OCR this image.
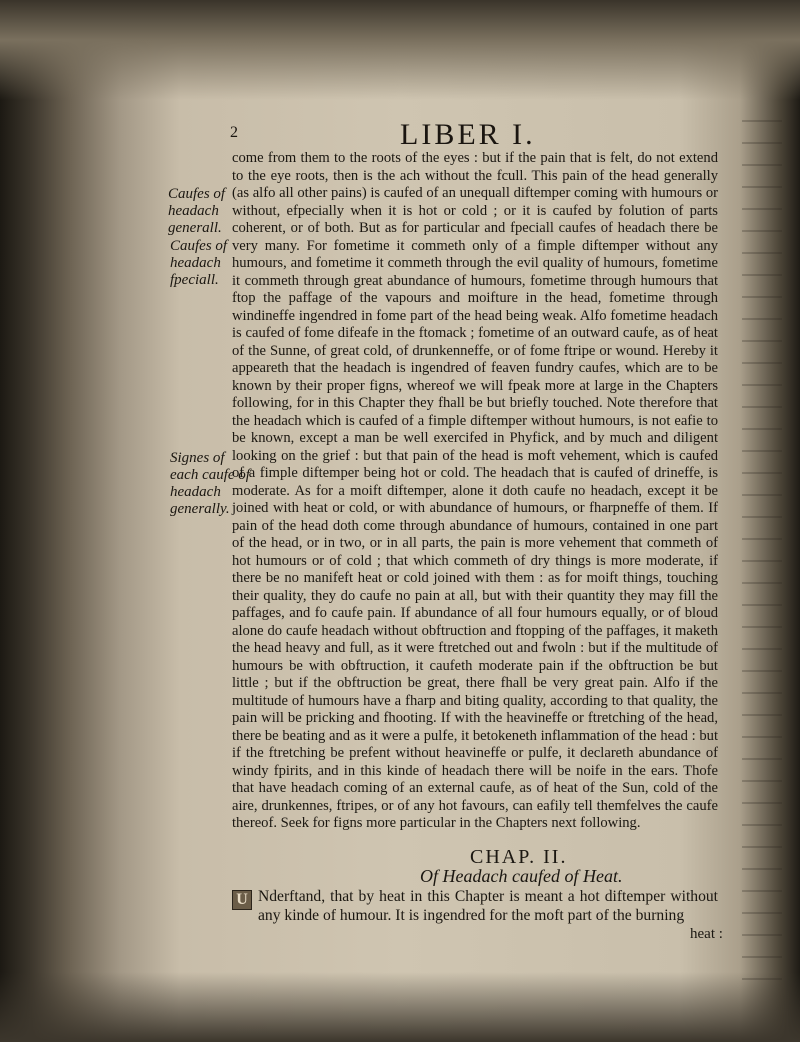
2	LIBER I.
Caufes of headach generall.
Caufes of headach fpeciall.
Signes of each caufe of headach generally.

come from them to the roots of the eyes : but if the pain that is felt, do not extend to the eye roots, then is the ach without the fcull. This pain of the head generally (as alfo all other pains) is caufed of an unequall diftemper coming with humours or without, efpecially when it is hot or cold ; or it is caufed by folution of parts coherent, or of both. But as for particular and fpeciall caufes of headach there be very many. For fometime it commeth only of a fimple diftemper without any humours, and fometime it commeth through the evil quality of humours, fometime it commeth through great abundance of humours, fometime through humours that ftop the paffage of the vapours and moifture in the head, fometime through windineffe ingendred in fome part of the head being weak. Alfo fometime headach is caufed of fome difeafe in the ftomack ; fometime of an outward caufe, as of heat of the Sunne, of great cold, of drunkenneffe, or of fome ftripe or wound. Hereby it appeareth that the headach is ingendred of feaven fundry caufes, which are to be known by their proper figns, whereof we will fpeak more at large in the Chapters following, for in this Chapter they fhall be but briefly touched. Note therefore that the headach which is caufed of a fimple diftemper without humours, is not eafie to be known, except a man be well exercifed in Phyfick, and by much and diligent looking on the grief : but that pain of the head is moft vehement, which is caufed of a fimple diftemper being hot or cold. The headach that is caufed of drineffe, is moderate. As for a moift diftemper, alone it doth caufe no headach, except it be joined with heat or cold, or with abundance of humours, or fharpneffe of them. If pain of the head doth come through abundance of humours, contained in one part of the head, or in two, or in all parts, the pain is more vehement that commeth of hot humours or of cold ; that which commeth of dry things is more moderate, if there be no manifeft heat or cold joined with them : as for moift things, touching their quality, they do caufe no pain at all, but with their quantity they may fill the paffages, and fo caufe pain. If abundance of all four humours equally, or of bloud alone do caufe headach without obftruction and ftopping of the paffages, it maketh the head heavy and full, as it were ftretched out and fwoln : but if the multitude of humours be with obftruction, it caufeth moderate pain if the obftruction be but little ; but if the obftruction be great, there fhall be very great pain. Alfo if the multitude of humours have a fharp and biting quality, according to that quality, the pain will be pricking and fhooting. If with the heavineffe or ftretching of the head, there be beating and as it were a pulfe, it betokeneth inflammation of the head : but if the ftretching be prefent without heavineffe or pulfe, it declareth abundance of windy fpirits, and in this kinde of headach there will be noife in the ears. Thofe that have headach coming of an external caufe, as of heat of the Sun, cold of the aire, drunkennes, ftripes, or of any hot favours, can eafily tell themfelves the caufe thereof. Seek for figns more particular in the Chapters next following.

CHAP. II.
Of Headach caufed of Heat.
U Nderftand, that by heat in this Chapter is meant a hot diftemper without any kinde of humour. It is ingendred for the moft part of the burning
heat :
